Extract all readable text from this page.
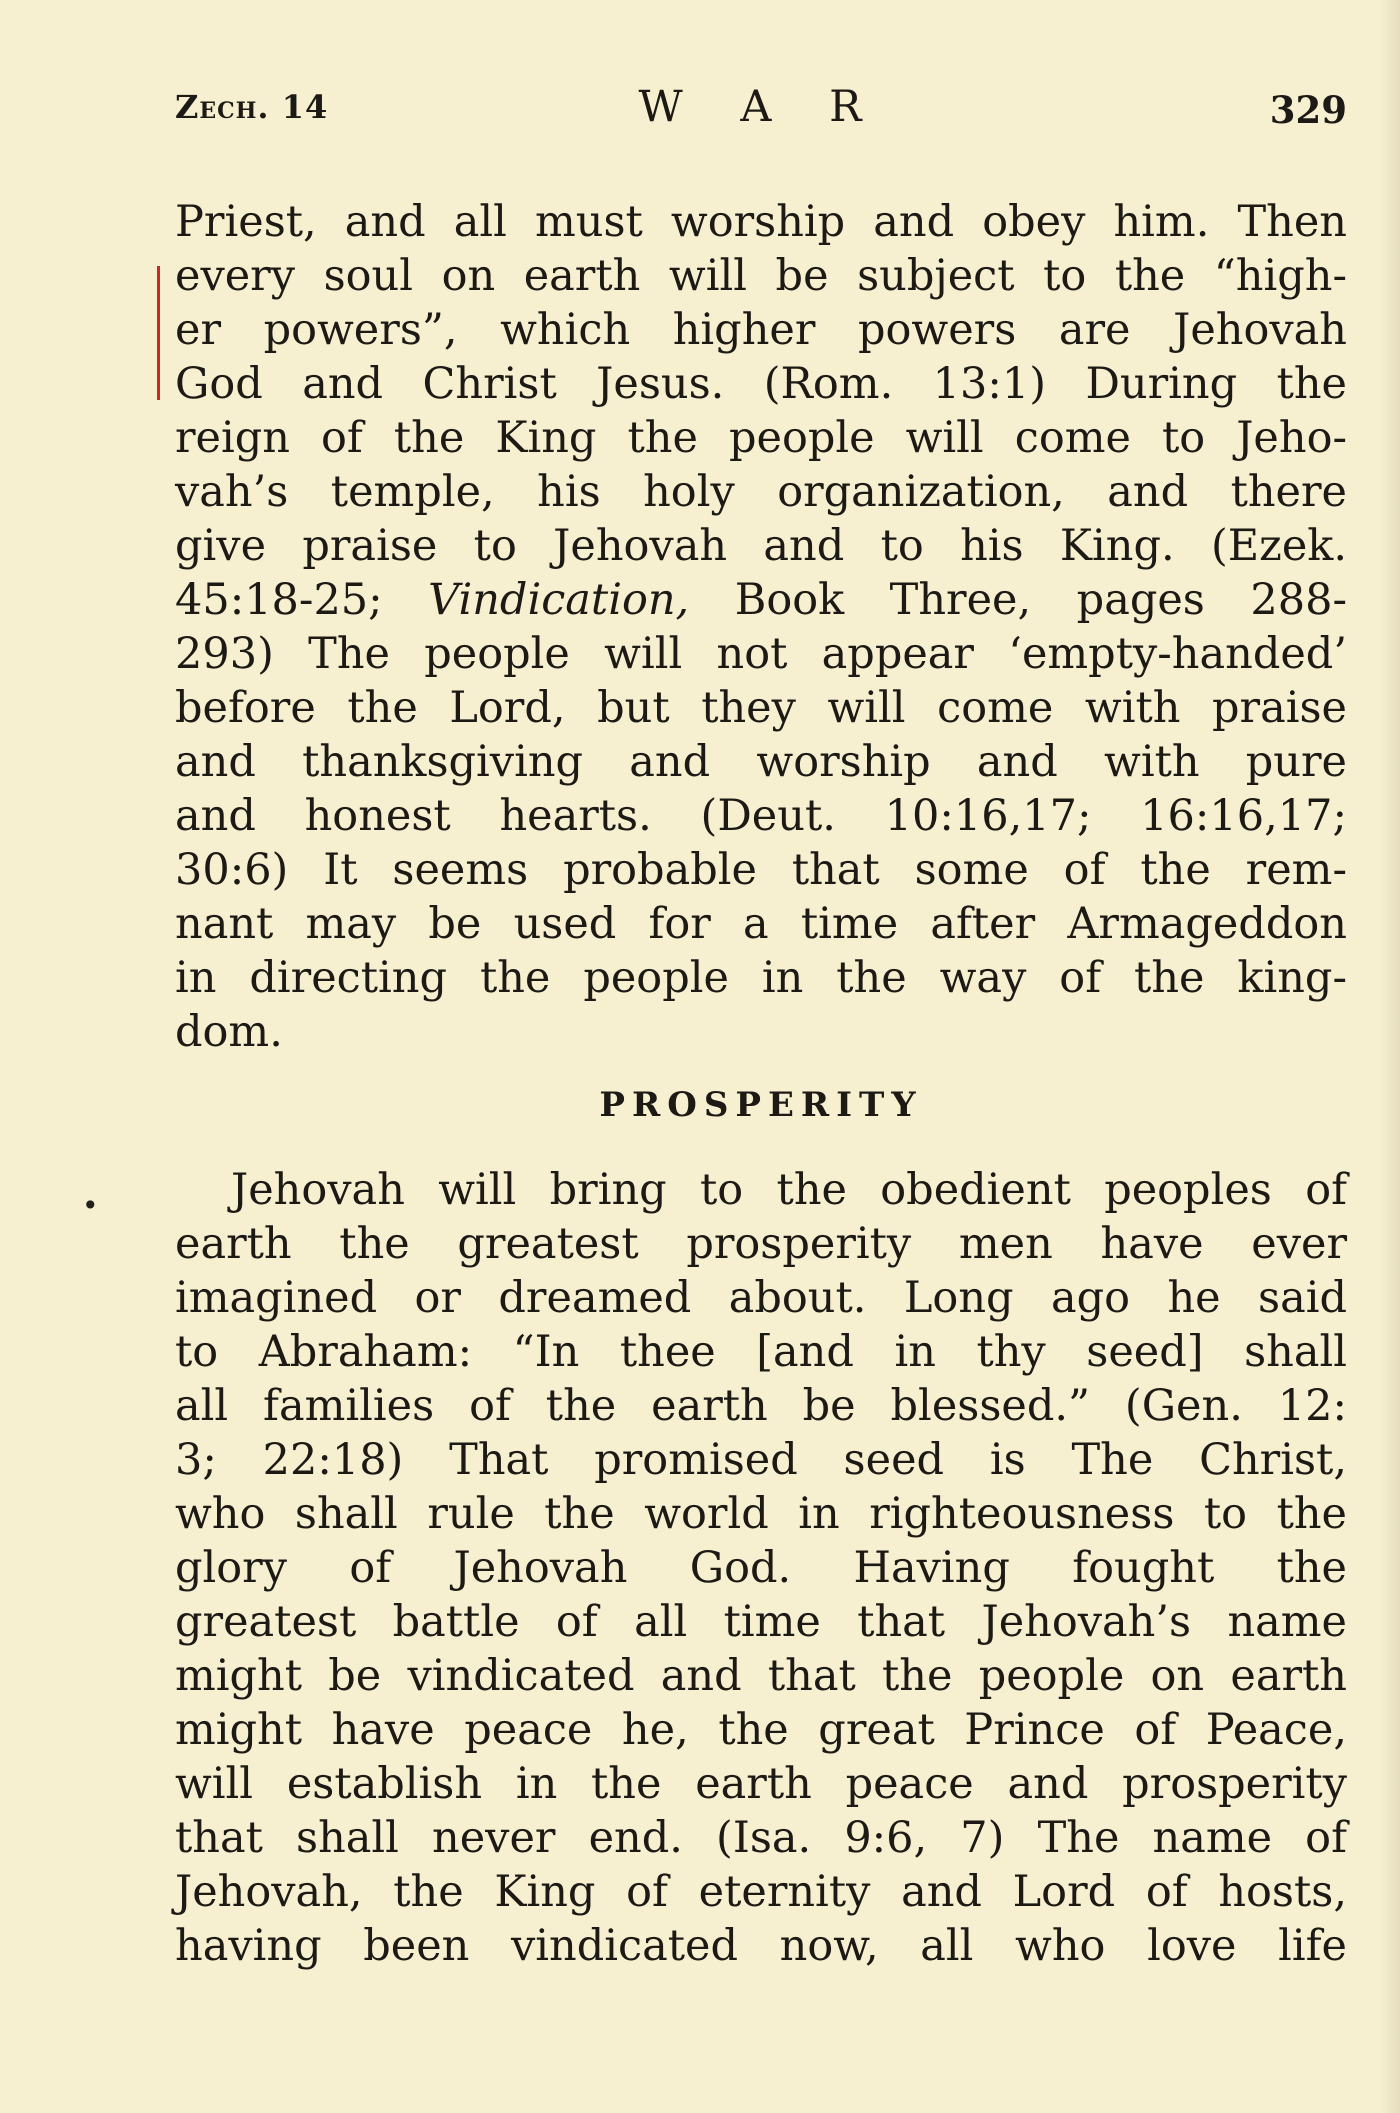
Zech. 14	W A R	329
•
Priest, and all must worship and obey him. Then
every soul on earth will be subject to the “high-
er powers”, which higher powers are Jehovah
God and Christ Jesus. (Rom. 13:1) During the
reign of the King the people will come to Jeho-
vah’s temple, his holy organization, and there
give praise to Jehovah and to his King. (Ezek.
45:18-25; Vindication, Book Three, pages 288-
293) The people will not appear ‘empty-handed’
before the Lord, but they will come with praise
and thanksgiving and worship and with pure
and honest hearts. (Deut. 10:16,17; 16:16,17;
30:6) It seems probable that some of the rem-
nant may be used for a time after Armageddon
in directing the people in the way of the king-
dom.
PROSPERITY
Jehovah will bring to the obedient peoples of
earth the greatest prosperity men have ever
imagined or dreamed about. Long ago he said
to Abraham: “In thee [and in thy seed] shall
all families of the earth be blessed.” (Gen. 12:
3; 22:18) That promised seed is The Christ,
who shall rule the world in righteousness to the
glory of Jehovah God. Having fought the
greatest battle of all time that Jehovah’s name
might be vindicated and that the people on earth
might have peace he, the great Prince of Peace,
will establish in the earth peace and prosperity
that shall never end. (Isa. 9:6, 7) The name of
Jehovah, the King of eternity and Lord of hosts,
having been vindicated now, all who love life
